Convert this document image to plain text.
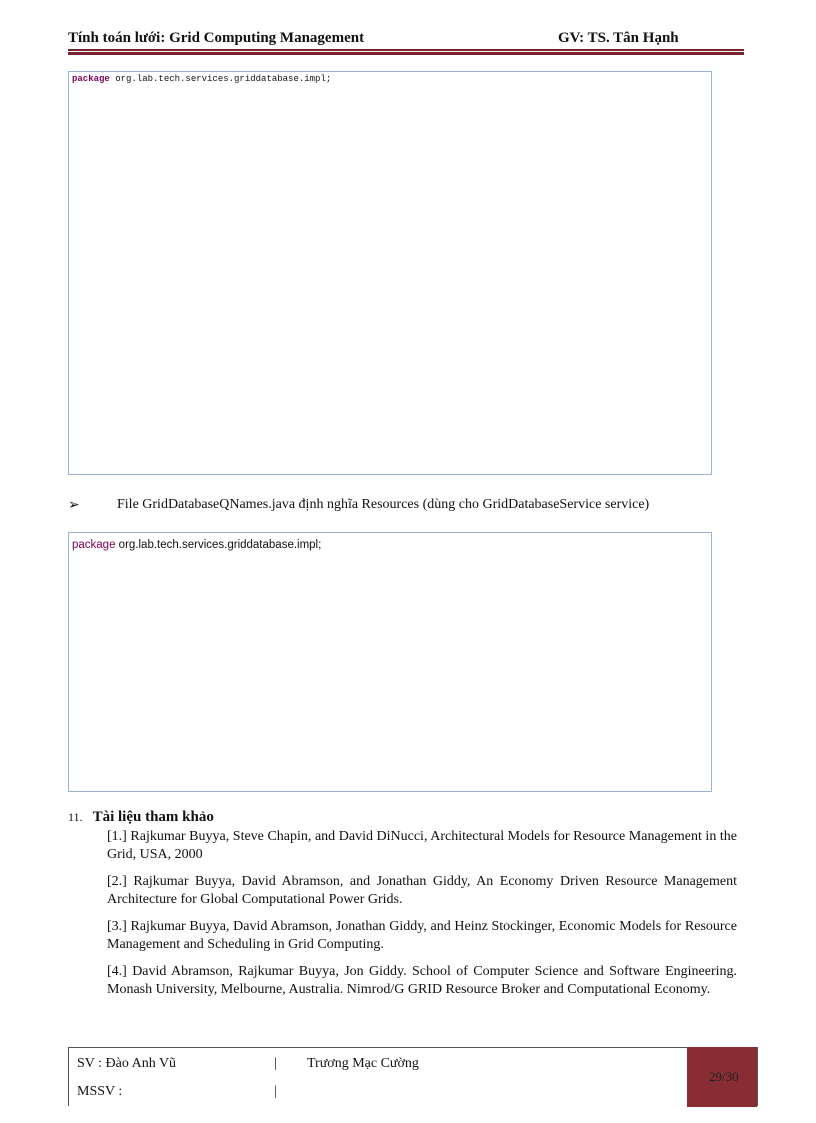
Tính toán lưới: Grid Computing Management	GV: TS. Tân Hạnh
package org.lab.tech.services.griddatabase.impl;

➢	File GridDatabaseQNames.java định nghĩa Resources (dùng cho GridDatabaseService service)
package org.lab.tech.services.griddatabase.impl;

11. Tài liệu tham khảo

[1.] Rajkumar Buyya, Steve Chapin, and David DiNucci, Architectural Models for Resource Management in the Grid, USA, 2000

[2.] Rajkumar Buyya, David Abramson, and Jonathan Giddy, An Economy Driven Resource Management Architecture for Global Computational Power Grids.

[3.] Rajkumar Buyya, David Abramson, Jonathan Giddy, and Heinz Stockinger, Economic Models for Resource Management and Scheduling in Grid Computing.

[4.] David Abramson, Rajkumar Buyya, Jon Giddy. School of Computer Science and Software Engineering. Monash University, Melbourne, Australia. Nimrod/G GRID Resource Broker and Computational Economy.

SV : Đào Anh Vũ
MSSV :
|
|
Trương Mạc Cường
29/30
